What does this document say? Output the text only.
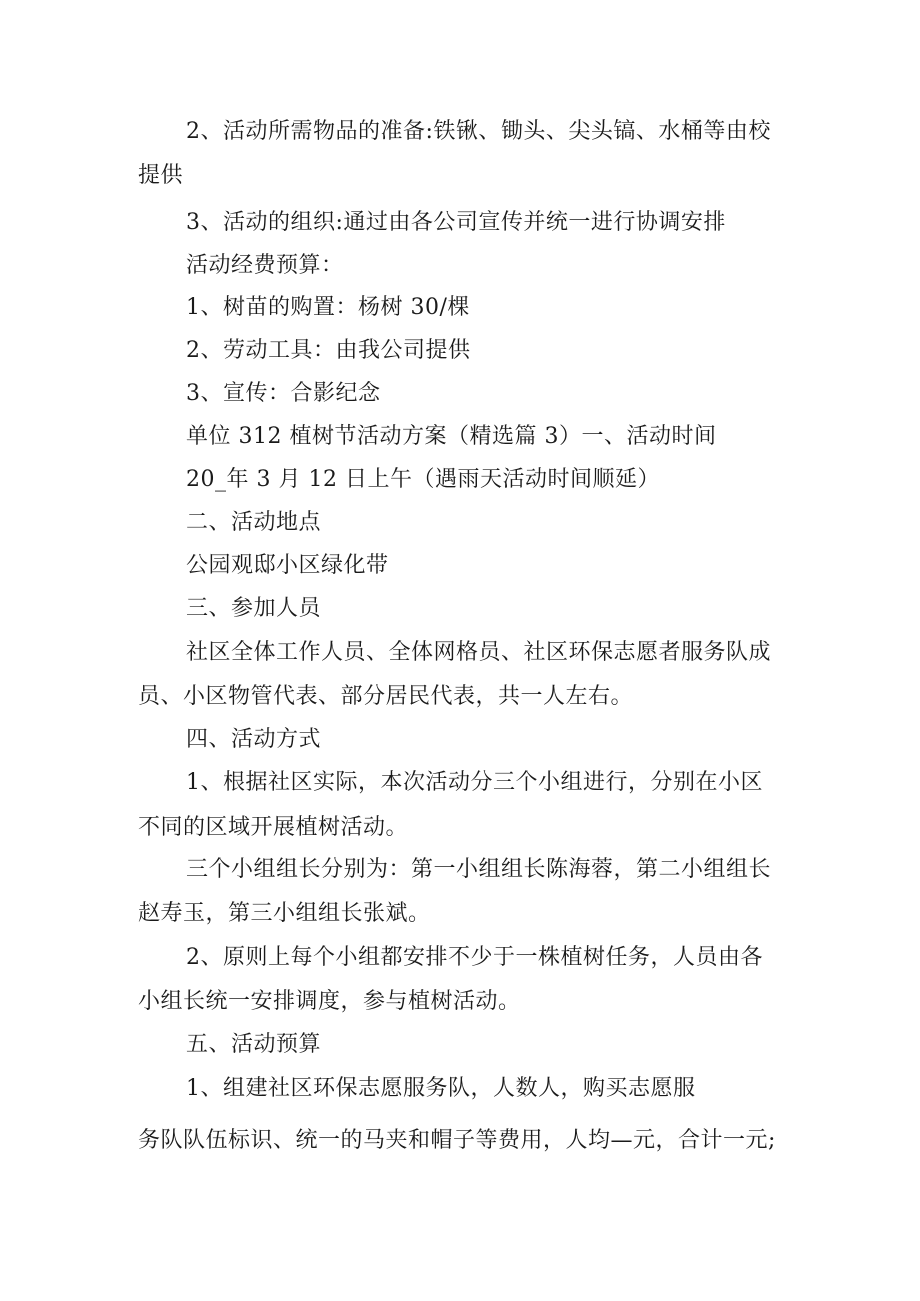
2、活动所需物品的准备:铁锹、锄头、尖头镐、水桶等由校
提供
3、活动的组织:通过由各公司宣传并统一进行协调安排
活动经费预算：
1、树苗的购置：杨树 30/棵
2、劳动工具：由我公司提供
3、宣传：合影纪念
单位 312 植树节活动方案（精选篇 3）一、活动时间
20_年 3 月 12 日上午（遇雨天活动时间顺延）
二、活动地点
公园观邸小区绿化带
三、参加人员
社区全体工作人员、全体网格员、社区环保志愿者服务队成
员、小区物管代表、部分居民代表，共一人左右。
四、活动方式
1、根据社区实际，本次活动分三个小组进行，分别在小区
不同的区域开展植树活动。
三个小组组长分别为：第一小组组长陈海蓉，第二小组组长
赵寿玉，第三小组组长张斌。
2、原则上每个小组都安排不少于一株植树任务，人员由各
小组长统一安排调度，参与植树活动。
五、活动预算
1、组建社区环保志愿服务队，人数人，购买志愿服
务队队伍标识、统一的马夹和帽子等费用，人均—元，合计一元;
